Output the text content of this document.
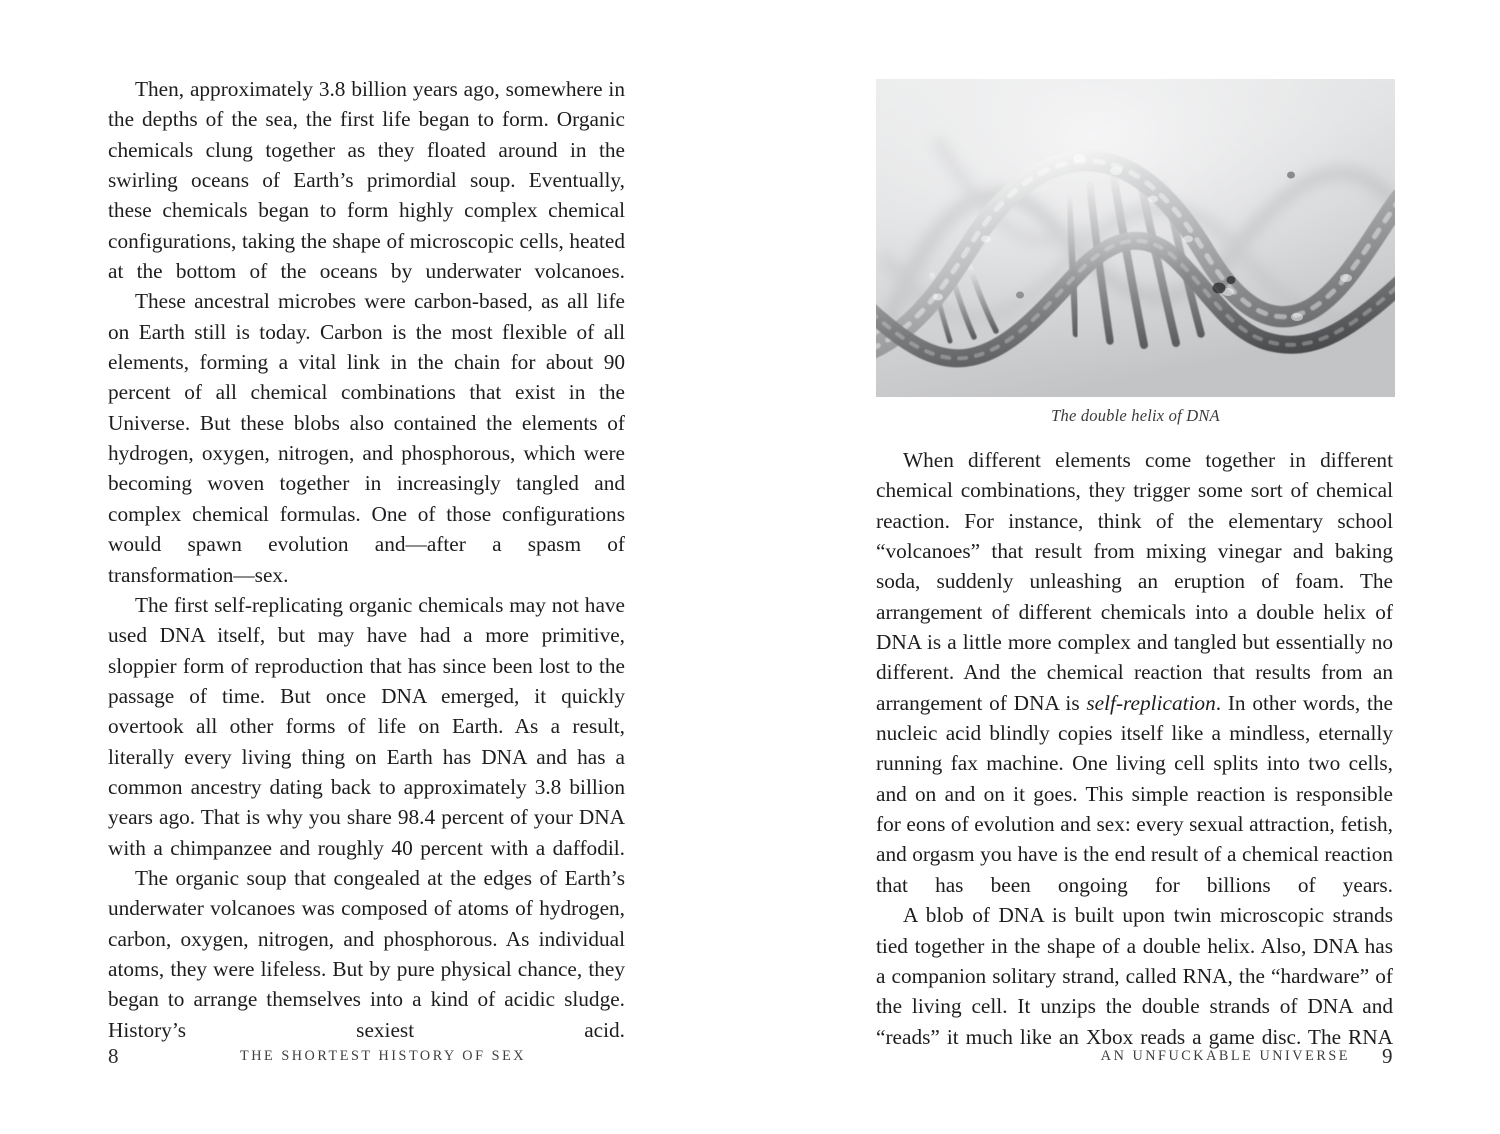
Then, approximately 3.8 billion years ago, somewhere in the depths of the sea, the first life began to form. Organic chemicals clung together as they floated around in the swirling oceans of Earth’s primordial soup. Eventually, these chemicals began to form highly complex chemical configurations, taking the shape of microscopic cells, heated at the bottom of the oceans by underwater volcanoes.

These ancestral microbes were carbon-based, as all life on Earth still is today. Carbon is the most flexible of all elements, forming a vital link in the chain for about 90 percent of all chemical combinations that exist in the Universe. But these blobs also contained the elements of hydrogen, oxygen, nitrogen, and phosphorous, which were becoming woven together in increasingly tangled and complex chemical formulas. One of those configurations would spawn evolution and—after a spasm of transformation—sex.

The first self-replicating organic chemicals may not have used DNA itself, but may have had a more primitive, sloppier form of reproduction that has since been lost to the passage of time. But once DNA emerged, it quickly overtook all other forms of life on Earth. As a result, literally every living thing on Earth has DNA and has a common ancestry dating back to approximately 3.8 billion years ago. That is why you share 98.4 percent of your DNA with a chimpanzee and roughly 40 percent with a daffodil.

The organic soup that congealed at the edges of Earth’s underwater volcanoes was composed of atoms of hydrogen, carbon, oxygen, nitrogen, and phosphorous. As individual atoms, they were lifeless. But by pure physical chance, they began to arrange themselves into a kind of acidic sludge. History’s sexiest acid.

8	THE SHORTEST HISTORY OF SEX
The double helix of DNA

When different elements come together in different chemical combinations, they trigger some sort of chemical reaction. For instance, think of the elementary school “volcanoes” that result from mixing vinegar and baking soda, suddenly unleashing an eruption of foam. The arrangement of different chemicals into a double helix of DNA is a little more complex and tangled but essentially no different. And the chemical reaction that results from an arrangement of DNA is self-replication. In other words, the nucleic acid blindly copies itself like a mindless, eternally running fax machine. One living cell splits into two cells, and on and on it goes. This simple reaction is responsible for eons of evolution and sex: every sexual attraction, fetish, and orgasm you have is the end result of a chemical reaction that has been ongoing for billions of years.

A blob of DNA is built upon twin microscopic strands tied together in the shape of a double helix. Also, DNA has a companion solitary strand, called RNA, the “hardware” of the living cell. It unzips the double strands of DNA and “reads” it much like an Xbox reads a game disc. The RNA

AN UNFUCKABLE UNIVERSE 9
